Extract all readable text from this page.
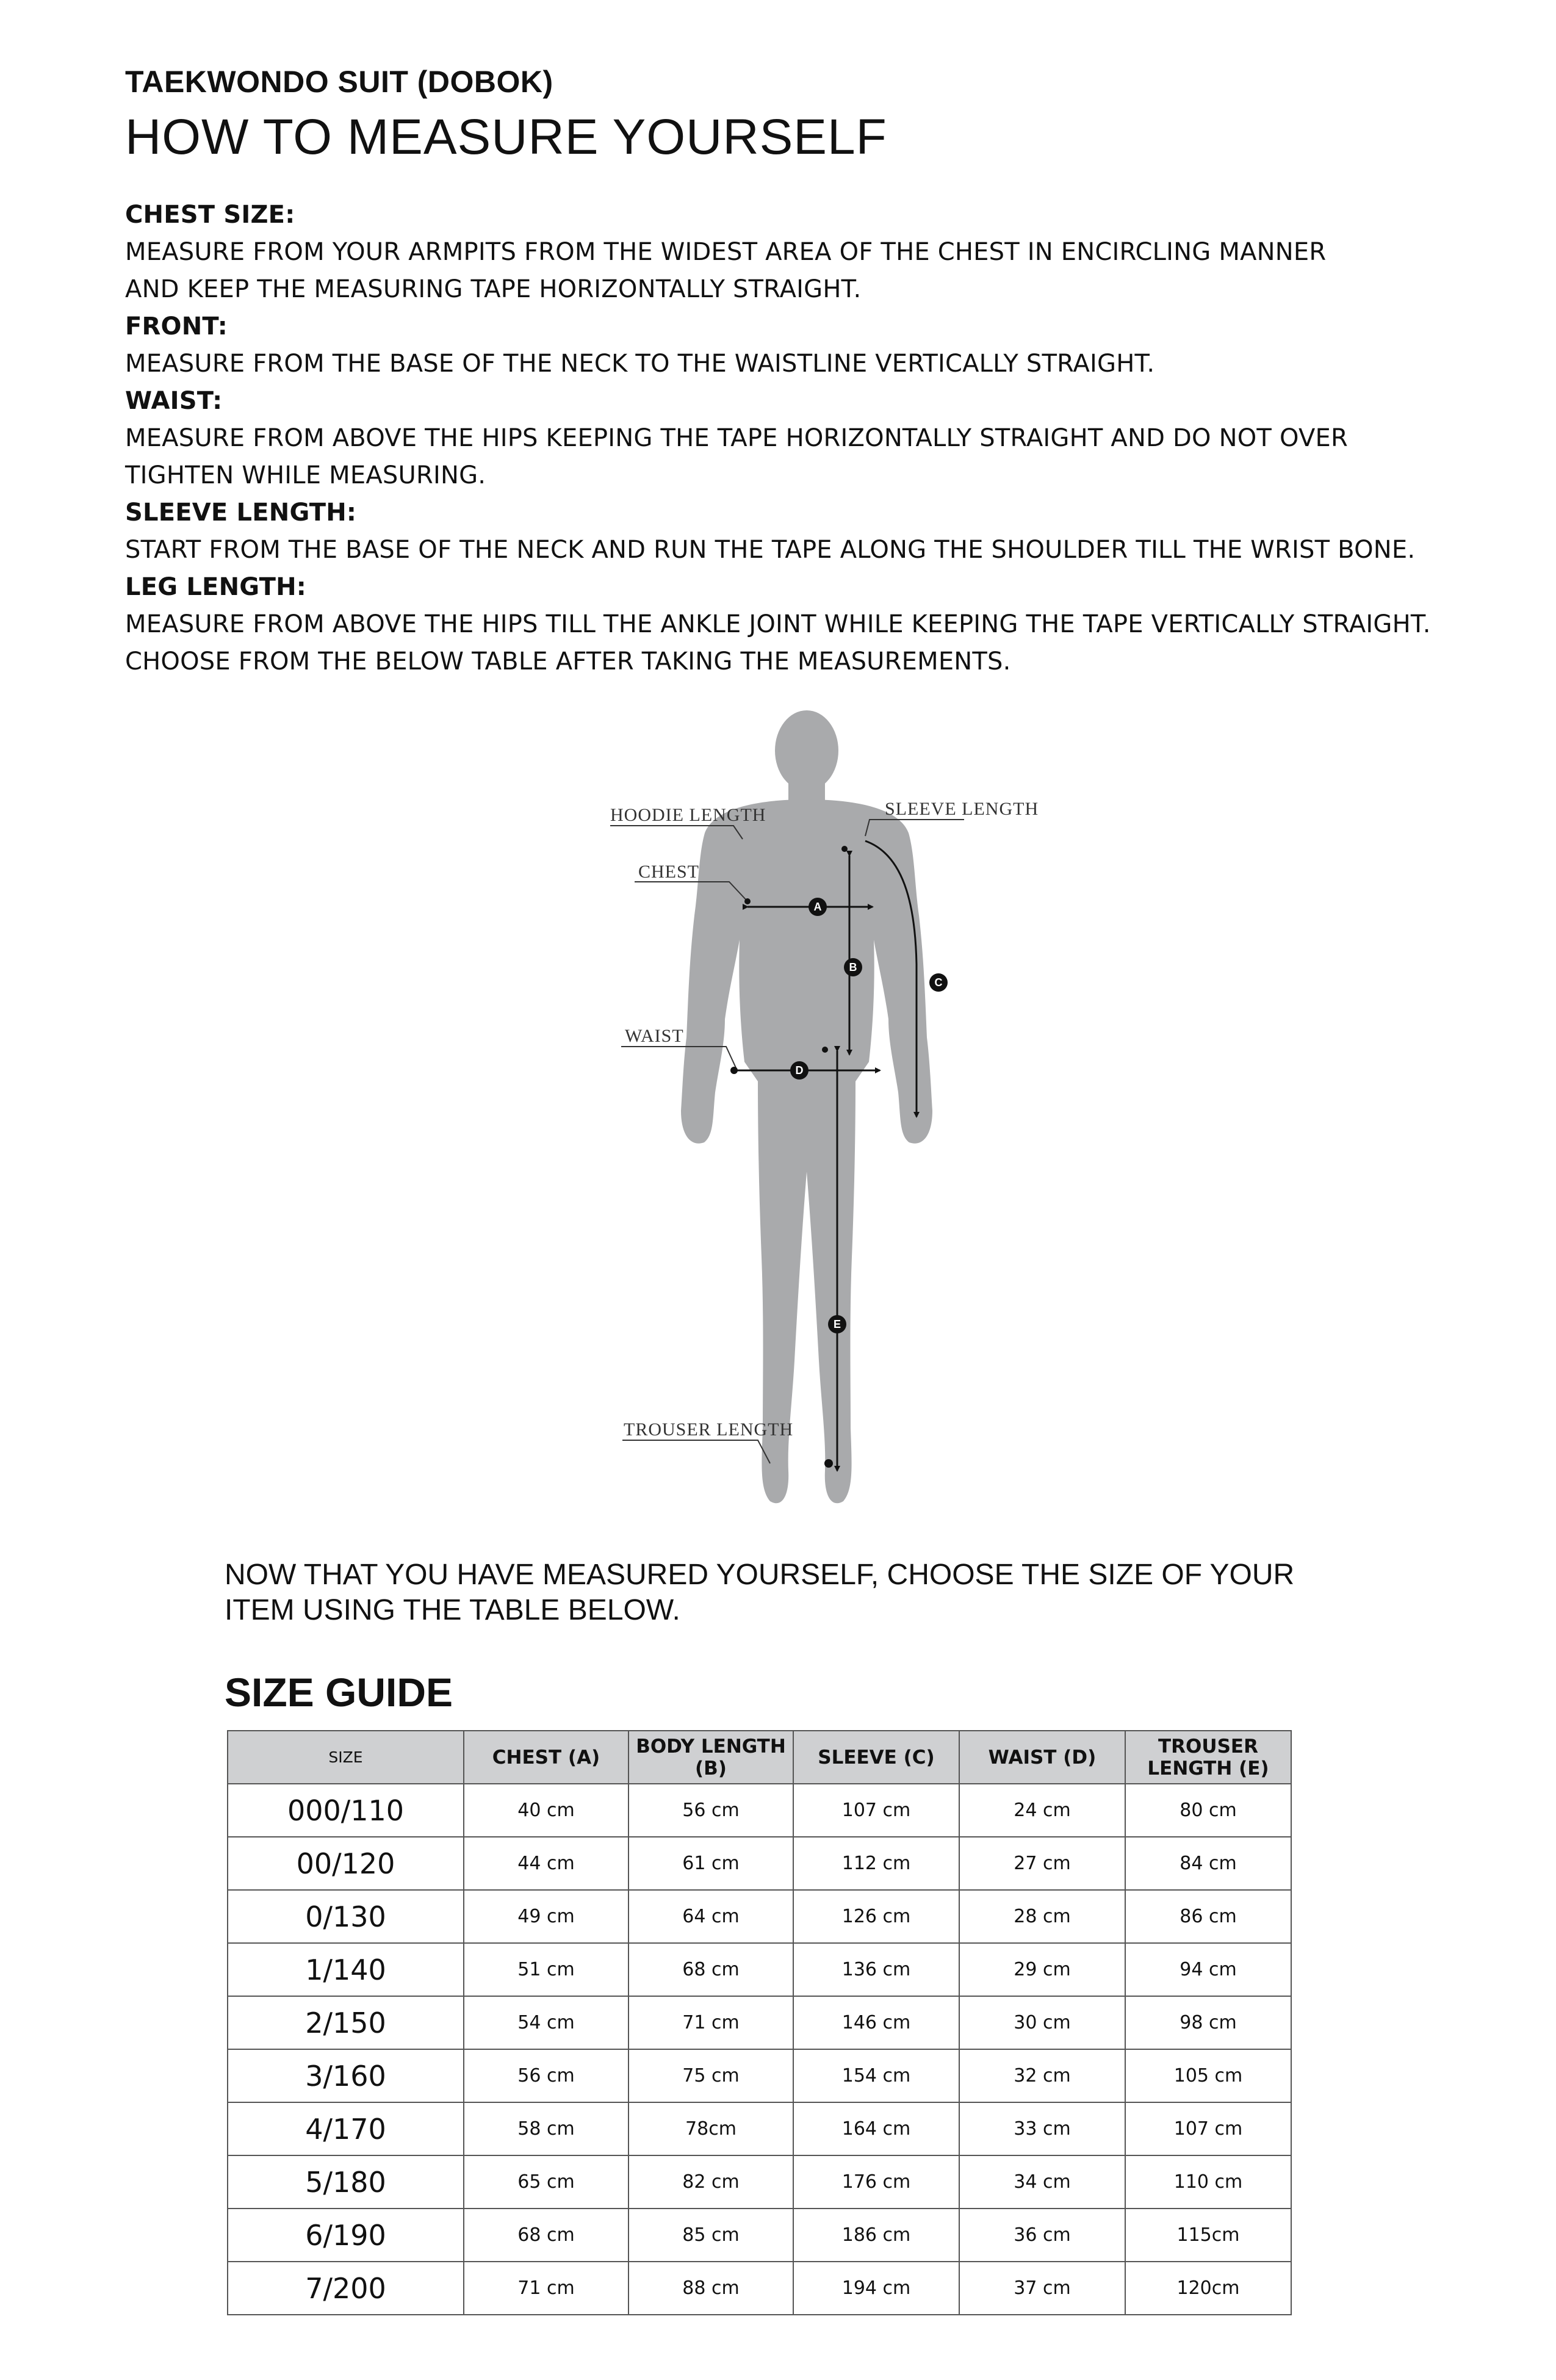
TAEKWONDO SUIT (DOBOK)
HOW TO MEASURE YOURSELF
CHEST SIZE:
MEASURE FROM YOUR ARMPITS FROM THE WIDEST AREA OF THE CHEST IN ENCIRCLING MANNER
AND KEEP THE MEASURING TAPE HORIZONTALLY STRAIGHT.
FRONT:
MEASURE FROM THE BASE OF THE NECK TO THE WAISTLINE VERTICALLY STRAIGHT.
WAIST:
MEASURE FROM ABOVE THE HIPS KEEPING THE TAPE HORIZONTALLY STRAIGHT AND DO NOT OVER
TIGHTEN WHILE MEASURING.
SLEEVE LENGTH:
START FROM THE BASE OF THE NECK AND RUN THE TAPE ALONG THE SHOULDER TILL THE WRIST BONE.
LEG LENGTH:
MEASURE FROM ABOVE THE HIPS TILL THE ANKLE JOINT WHILE KEEPING THE TAPE VERTICALLY STRAIGHT.
CHOOSE FROM THE BELOW TABLE AFTER TAKING THE MEASUREMENTS.
SLEEVE LENGTH
HOODIE LENGTH
CHEST
WAIST
TROUSER LENGTH
A
B
C
D
E
NOW THAT YOU HAVE MEASURED YOURSELF, CHOOSE THE SIZE OF YOUR
ITEM USING THE TABLE BELOW.
SIZE GUIDE
SIZE	CHEST (A)	BODY LENGTH (B)	SLEEVE (C)	WAIST (D)	TROUSER
LENGTH (E)

000/110	40 cm	56 cm	107 cm	24 cm	80 cm
00/120	44 cm	61 cm	112 cm	27 cm	84 cm
0/130	49 cm	64 cm	126 cm	28 cm	86 cm
1/140	51 cm	68 cm	136 cm	29 cm	94 cm
2/150	54 cm	71 cm	146 cm	30 cm	98 cm
3/160	56 cm	75 cm	154 cm	32 cm	105 cm
4/170	58 cm	78cm	164 cm	33 cm	107 cm
5/180	65 cm	82 cm	176 cm	34 cm	110 cm
6/190	68 cm	85 cm	186 cm	36 cm	115cm
7/200	71 cm	88 cm	194 cm	37 cm	120cm
